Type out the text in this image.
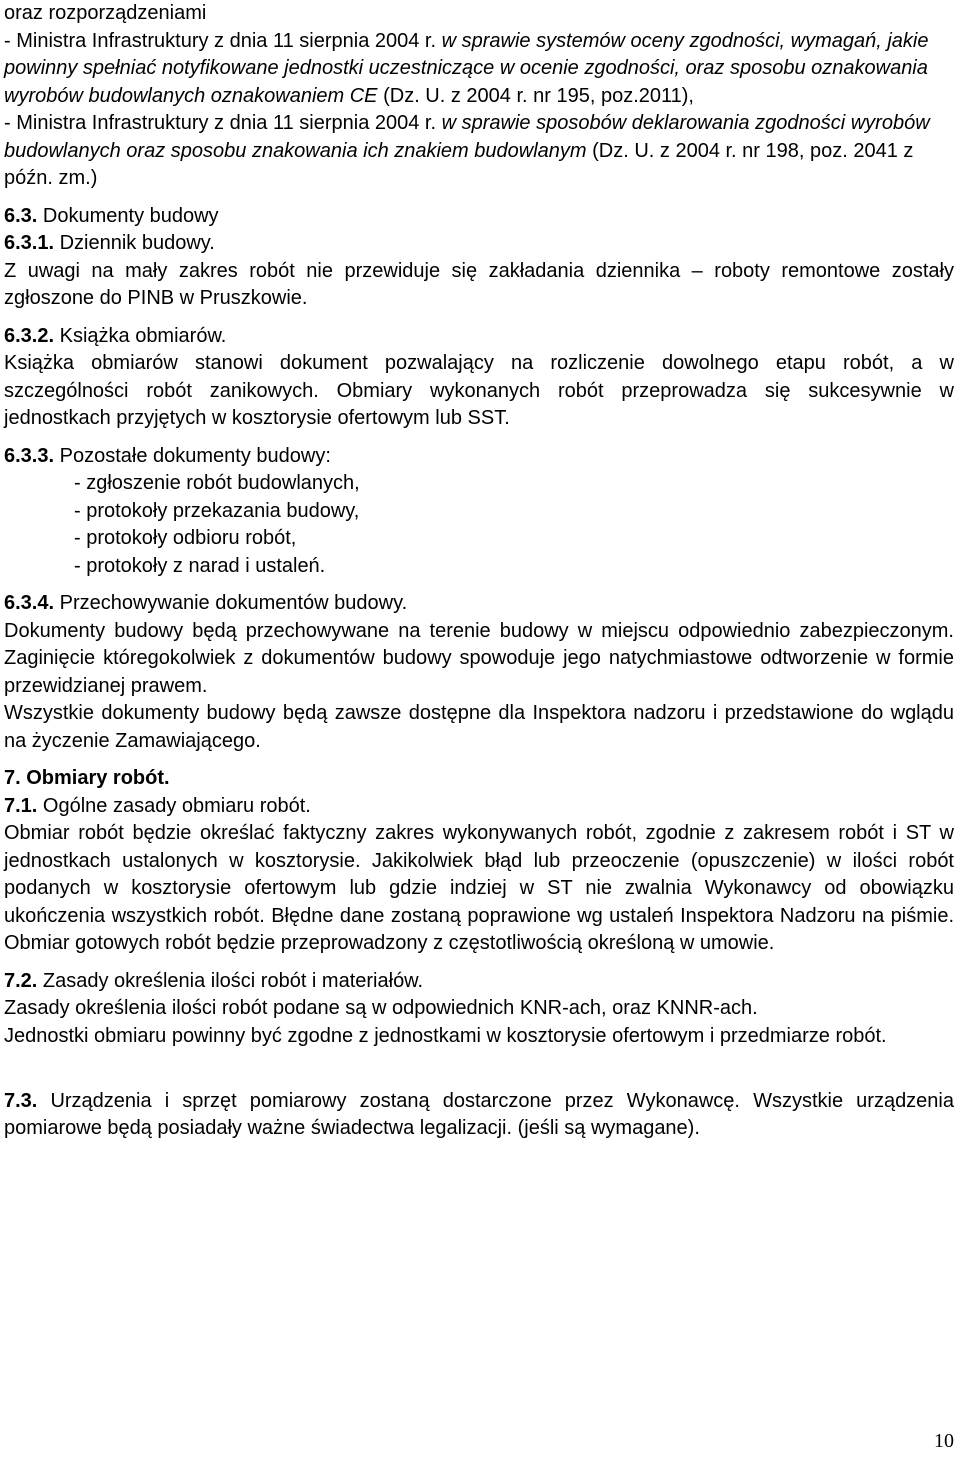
oraz rozporządzeniami
- Ministra Infrastruktury z dnia 11 sierpnia 2004 r. w sprawie systemów oceny zgodności, wymagań, jakie powinny spełniać notyfikowane jednostki uczestniczące w ocenie zgodności, oraz sposobu oznakowania wyrobów budowlanych oznakowaniem CE (Dz. U. z 2004 r. nr 195, poz.2011),
- Ministra Infrastruktury z dnia 11 sierpnia 2004 r. w sprawie sposobów deklarowania zgodności wyrobów budowlanych oraz sposobu znakowania ich znakiem budowlanym (Dz. U. z 2004 r. nr 198, poz. 2041 z późn. zm.)
6.3. Dokumenty budowy
6.3.1. Dziennik budowy.

Z uwagi na mały zakres robót nie przewiduje się zakładania dziennika – roboty remontowe zostały zgłoszone do PINB w Pruszkowie.

6.3.2. Książka obmiarów.

Książka obmiarów stanowi dokument pozwalający na rozliczenie dowolnego etapu robót, a w szczególności robót zanikowych. Obmiary wykonanych robót przeprowadza się sukcesywnie w jednostkach przyjętych w kosztorysie ofertowym lub SST.

6.3.3. Pozostałe dokumenty budowy:
- zgłoszenie robót budowlanych,
- protokoły przekazania budowy,
- protokoły odbioru robót,
- protokoły z narad i ustaleń.
6.3.4. Przechowywanie dokumentów budowy.

Dokumenty budowy będą przechowywane na terenie budowy w miejscu odpowiednio zabezpieczonym. Zaginięcie któregokolwiek z dokumentów budowy spowoduje jego natychmiastowe odtworzenie w formie przewidzianej prawem.

Wszystkie dokumenty budowy będą zawsze dostępne dla Inspektora nadzoru i przedstawione do wglądu na życzenie Zamawiającego.

7. Obmiary robót.
7.1. Ogólne zasady obmiaru robót.

Obmiar robót będzie określać faktyczny zakres wykonywanych robót, zgodnie z zakresem robót i ST w jednostkach ustalonych w kosztorysie. Jakikolwiek błąd lub przeoczenie (opuszczenie) w ilości robót podanych w kosztorysie ofertowym lub gdzie indziej w ST nie zwalnia Wykonawcy od obowiązku ukończenia wszystkich robót. Błędne dane zostaną poprawione wg ustaleń Inspektora Nadzoru na piśmie. Obmiar gotowych robót będzie przeprowadzony z częstotliwością określoną w umowie.

7.2. Zasady określenia ilości robót i materiałów.

Zasady określenia ilości robót podane są w odpowiednich KNR-ach, oraz KNNR-ach.

Jednostki obmiaru powinny być zgodne z jednostkami w kosztorysie ofertowym i przedmiarze robót.

7.3. Urządzenia i sprzęt pomiarowy zostaną dostarczone przez Wykonawcę. Wszystkie urządzenia pomiarowe będą posiadały ważne świadectwa legalizacji. (jeśli są wymagane).

10
